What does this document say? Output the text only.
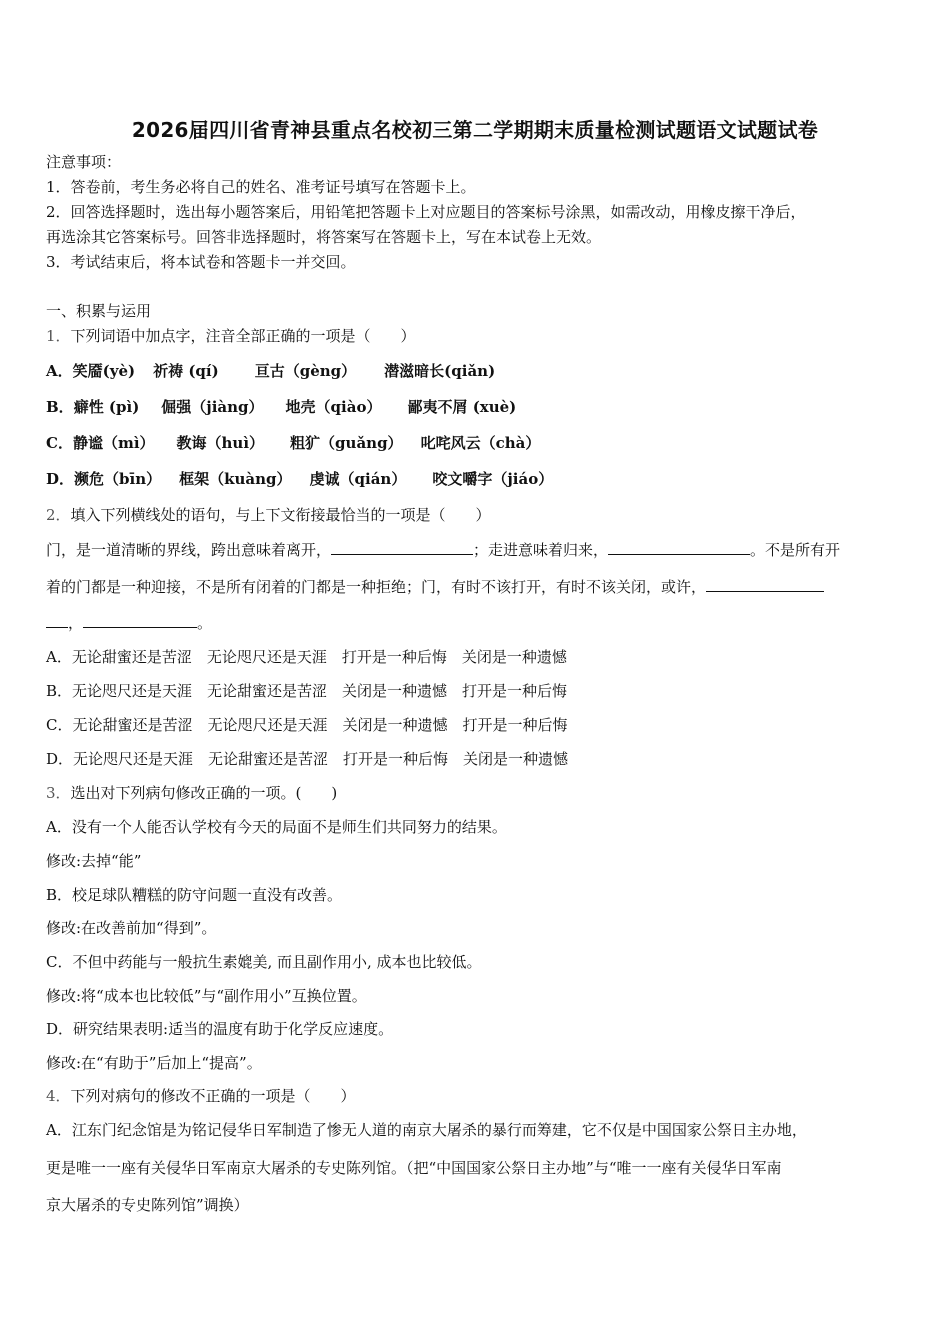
2026届四川省青神县重点名校初三第二学期期末质量检测试题语文试题试卷
注意事项：
1．答卷前，考生务必将自己的姓名、准考证号填写在答题卡上。
2．回答选择题时，选出每小题答案后，用铅笔把答题卡上对应题目的答案标号涂黑，如需改动，用橡皮擦干净后，
再选涂其它答案标号。回答非选择题时，将答案写在答题卡上，写在本试卷上无效。
3．考试结束后，将本试卷和答题卡一并交回。
一、积累与运用
1．下列词语中加点字，注音全部正确的一项是（　　）
A．笑靥(yè) 祈祷 (qí) 亘古（gèng） 潜滋暗长(qiǎn)
B．癖性 (pì) 倔强（jiàng） 地壳（qiào） 鄙夷不屑 (xuè)
C．静谧（mì） 教诲（huì） 粗犷（guǎng） 叱咤风云（chà）
D．濒危（bīn） 框架（kuàng） 虔诚（qián） 咬文嚼字（jiáo）
2．填入下列横线处的语句，与上下文衔接最恰当的一项是（　　）
门，是一道清晰的界线，跨出意味着离开，	；走进意味着归来，	。不是所有开
着的门都是一种迎接，不是所有闭着的门都是一种拒绝；门，有时不该打开，有时不该关闭，或许，
，	。
A．无论甜蜜还是苦涩　无论咫尺还是天涯　打开是一种后悔　关闭是一种遗憾
B．无论咫尺还是天涯　无论甜蜜还是苦涩　关闭是一种遗憾　打开是一种后悔
C．无论甜蜜还是苦涩　无论咫尺还是天涯　关闭是一种遗憾　打开是一种后悔
D．无论咫尺还是天涯　无论甜蜜还是苦涩　打开是一种后悔　关闭是一种遗憾
3．选出对下列病句修改正确的一项。(　　)
A．没有一个人能否认学校有今天的局面不是师生们共同努力的结果。
修改:去掉“能”
B．校足球队糟糕的防守问题一直没有改善。
修改:在改善前加“得到”。
C．不但中药能与一般抗生素媲美, 而且副作用小, 成本也比较低。
修改:将“成本也比较低”与“副作用小”互换位置。
D．研究结果表明:适当的温度有助于化学反应速度。
修改:在“有助于”后加上“提高”。
4．下列对病句的修改不正确的一项是（　　）
A．江东门纪念馆是为铭记侵华日军制造了惨无人道的南京大屠杀的暴行而筹建，它不仅是中国国家公祭日主办地，
更是唯一一座有关侵华日军南京大屠杀的专史陈列馆。（把“中国国家公祭日主办地”与“唯一一座有关侵华日军南
京大屠杀的专史陈列馆”调换）
